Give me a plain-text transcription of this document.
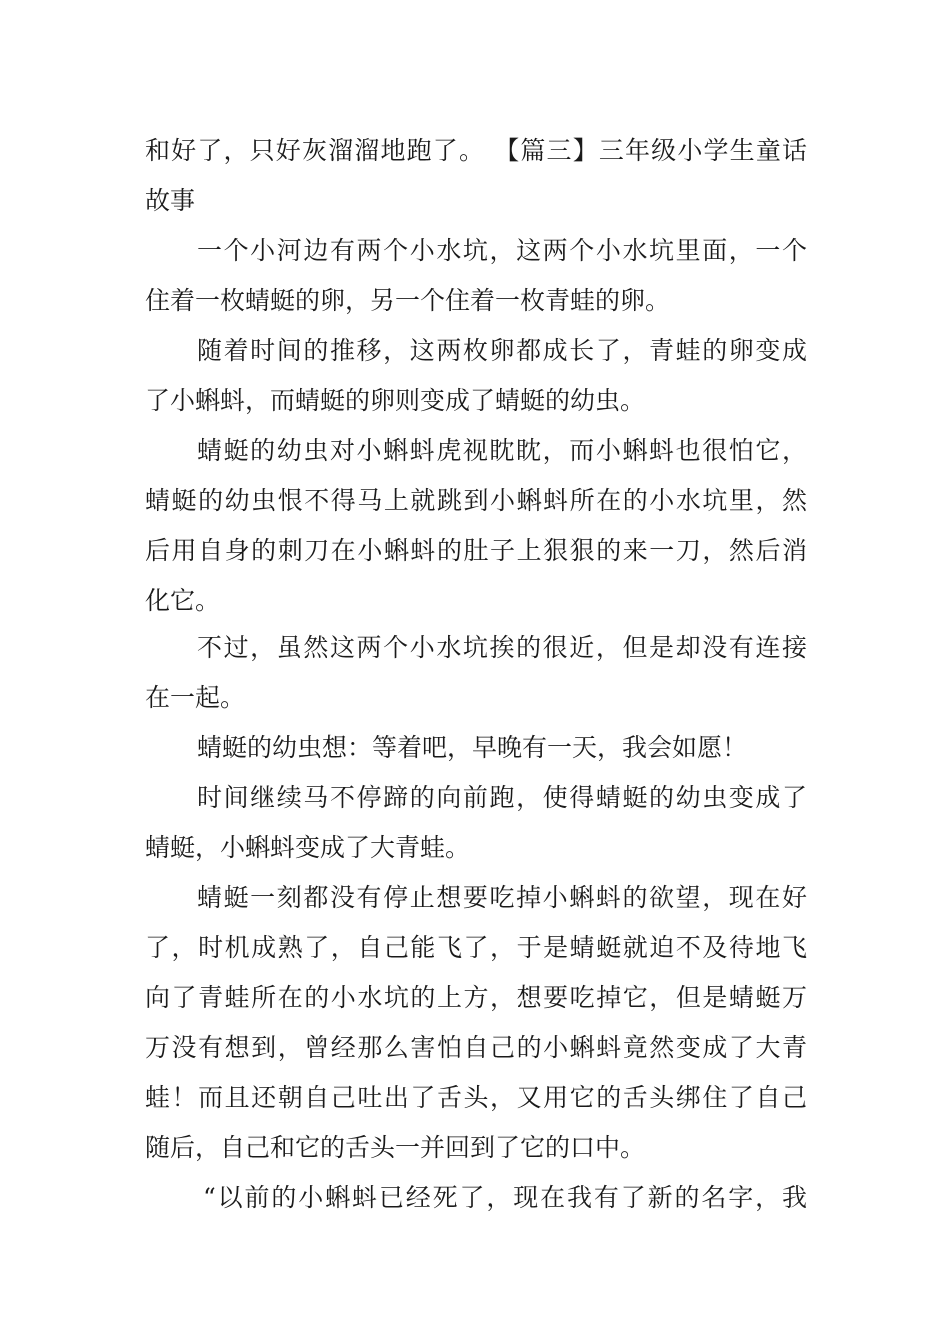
和好了，只好灰溜溜地跑了。 【篇三】三年级小学生童话

故事

一个小河边有两个小水坑，这两个小水坑里面，一个

住着一枚蜻蜓的卵，另一个住着一枚青蛙的卵。

随着时间的推移，这两枚卵都成长了，青蛙的卵变成

了小蝌蚪，而蜻蜓的卵则变成了蜻蜓的幼虫。

蜻蜓的幼虫对小蝌蚪虎视眈眈，而小蝌蚪也很怕它，

蜻蜓的幼虫恨不得马上就跳到小蝌蚪所在的小水坑里，然

后用自身的刺刀在小蝌蚪的肚子上狠狠的来一刀，然后消

化它。

不过，虽然这两个小水坑挨的很近，但是却没有连接

在一起。

蜻蜓的幼虫想：等着吧，早晚有一天，我会如愿！

时间继续马不停蹄的向前跑，使得蜻蜓的幼虫变成了

蜻蜓，小蝌蚪变成了大青蛙。

蜻蜓一刻都没有停止想要吃掉小蝌蚪的欲望，现在好

了，时机成熟了，自己能飞了，于是蜻蜓就迫不及待地飞

向了青蛙所在的小水坑的上方，想要吃掉它，但是蜻蜓万

万没有想到，曾经那么害怕自己的小蝌蚪竟然变成了大青

蛙！而且还朝自己吐出了舌头，又用它的舌头绑住了自己

随后，自己和它的舌头一并回到了它的口中。

“以前的小蝌蚪已经死了，现在我有了新的名字，我
